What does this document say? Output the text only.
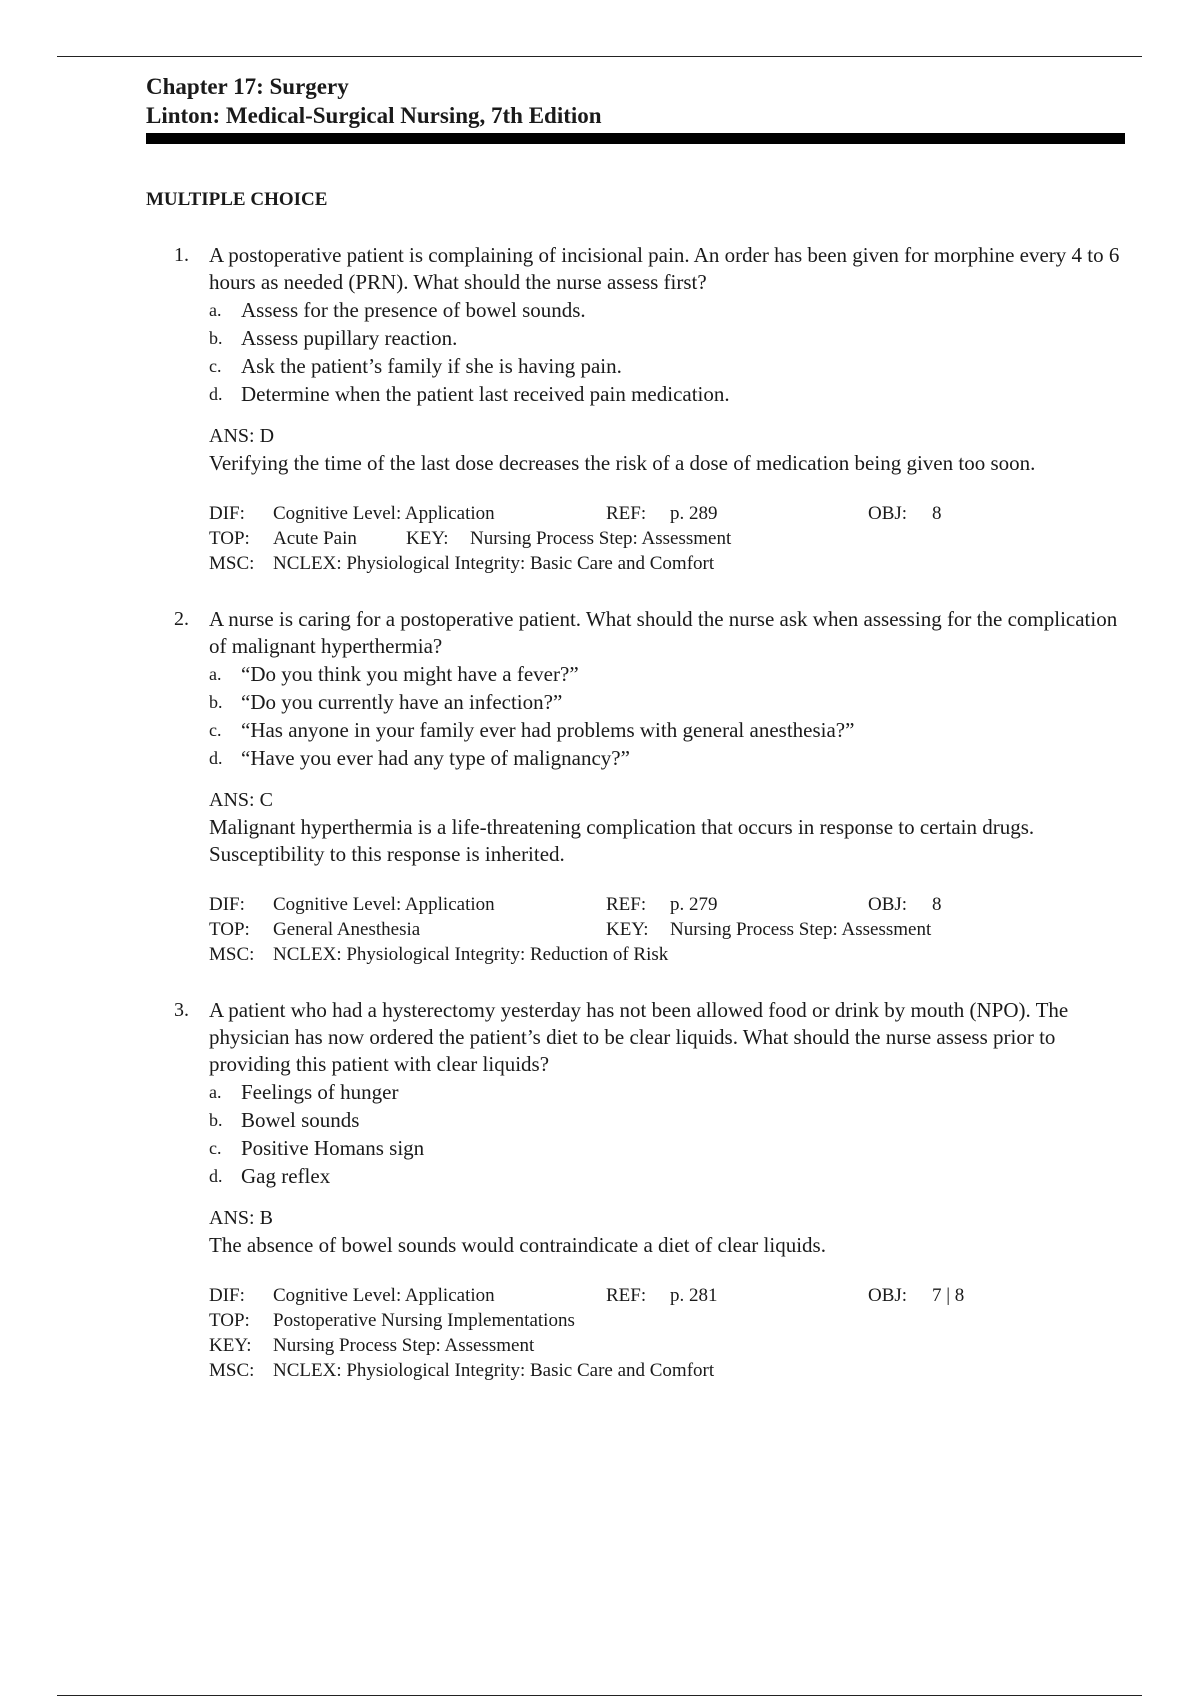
Chapter 17: Surgery

Linton: Medical-Surgical Nursing, 7th Edition

MULTIPLE CHOICE

1. A postoperative patient is complaining of incisional pain. An order has been given for morphine every 4 to 6 hours as needed (PRN). What should the nurse assess first?

a. Assess for the presence of bowel sounds.
b. Assess pupillary reaction.
c. Ask the patient’s family if she is having pain.
d. Determine when the patient last received pain medication.
ANS: D
Verifying the time of the last dose decreases the risk of a dose of medication being given too soon.
DIF:	Cognitive Level: Application	REF:	p. 289	OBJ:	8
TOP:	Acute Pain	KEY:	Nursing Process Step: Assessment
MSC: NCLEX: Physiological Integrity: Basic Care and Comfort
2. A nurse is caring for a postoperative patient. What should the nurse ask when assessing for the complication of malignant hyperthermia?

a. “Do you think you might have a fever?”
b. “Do you currently have an infection?”
c. “Has anyone in your family ever had problems with general anesthesia?”
d. “Have you ever had any type of malignancy?”
ANS: C
Malignant hyperthermia is a life-threatening complication that occurs in response to certain drugs. Susceptibility to this response is inherited.
DIF:	Cognitive Level: Application	REF:	p. 279	OBJ:	8
TOP:	General Anesthesia	KEY:	Nursing Process Step: Assessment
MSC: NCLEX: Physiological Integrity: Reduction of Risk
3. A patient who had a hysterectomy yesterday has not been allowed food or drink by mouth (NPO). The physician has now ordered the patient’s diet to be clear liquids. What should the nurse assess prior to providing this patient with clear liquids?

a. Feelings of hunger
b. Bowel sounds
c. Positive Homans sign
d. Gag reflex
ANS: B
The absence of bowel sounds would contraindicate a diet of clear liquids.
DIF:	Cognitive Level: Application	REF:	p. 281	OBJ:	7 | 8
TOP:	Postoperative Nursing Implementations
KEY:	Nursing Process Step: Assessment
MSC: NCLEX: Physiological Integrity: Basic Care and Comfort
